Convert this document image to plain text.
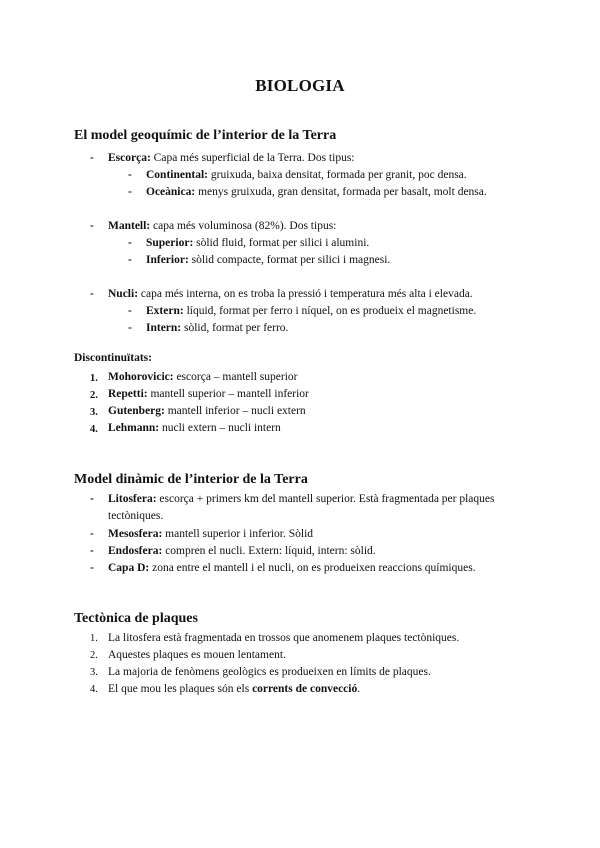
BIOLOGIA
El model geoquímic de l’interior de la Terra
- Escorça: Capa més superficial de la Terra. Dos tipus:
- Continental: gruixuda, baixa densitat, formada per granit, poc densa.
- Oceànica: menys gruixuda, gran densitat, formada per basalt, molt densa.
- Mantell: capa més voluminosa (82%). Dos tipus:
- Superior: sòlid fluid, format per silici i alumini.
- Inferior: sòlid compacte, format per silici i magnesi.
- Nucli: capa més interna, on es troba la pressió i temperatura més alta i elevada.
- Extern: líquid, format per ferro i níquel, on es produeix el magnetisme.
- Intern: sòlid, format per ferro.
Discontinuïtats:
1. Mohorovicic: escorça – mantell superior
2. Repetti: mantell superior – mantell inferior
3. Gutenberg: mantell inferior – nucli extern
4. Lehmann: nucli extern – nucli intern
Model dinàmic de l’interior de la Terra
- Litosfera: escorça + primers km del mantell superior. Està fragmentada per plaques
tectòniques.
- Mesosfera: mantell superior i inferior. Sòlid
- Endosfera: compren el nucli. Extern: líquid, intern: sòlid.
- Capa D: zona entre el mantell i el nucli, on es produeixen reaccions químiques.
Tectònica de plaques
1. La litosfera està fragmentada en trossos que anomenem plaques tectòniques.
2. Aquestes plaques es mouen lentament.
3. La majoria de fenòmens geològics es produeixen en límits de plaques.
4. El que mou les plaques són els corrents de convecció.
